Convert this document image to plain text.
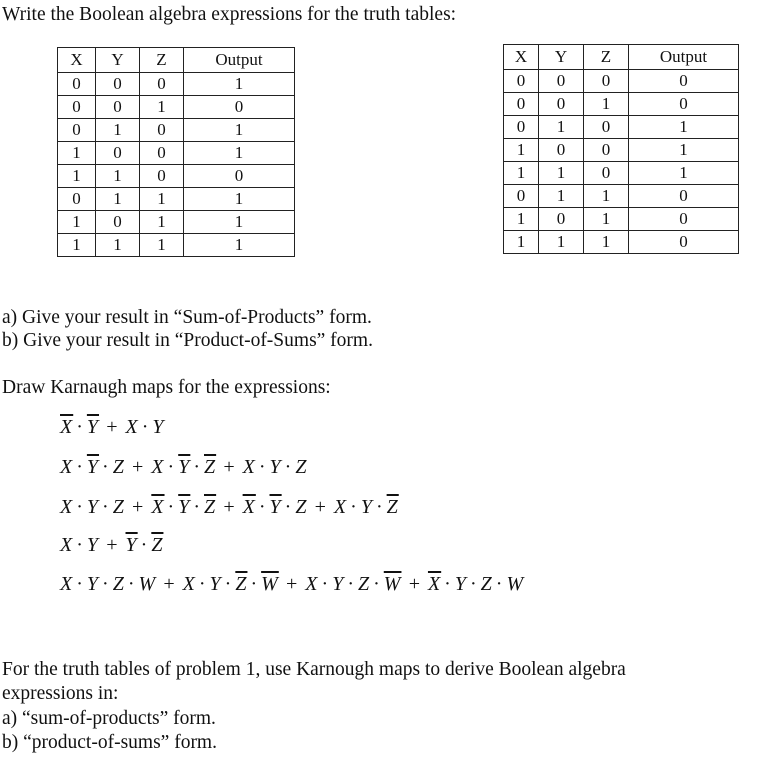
Write the Boolean algebra expressions for the truth tables:
X	Y	Z	Output
0	0	0	1
0	0	1	0
0	1	0	1
1	0	0	1
1	1	0	0
0	1	1	1
1	0	1	1
1	1	1	1
X	Y	Z	Output
0	0	0	0
0	0	1	0
0	1	0	1
1	0	0	1
1	1	0	1
0	1	1	0
1	0	1	0
1	1	1	0
a) Give your result in “Sum-of-Products” form.
b) Give your result in “Product-of-Sums” form.
Draw Karnaugh maps for the expressions:
$\overline{X} \cdot \overline{Y} + X \cdot Y$
$X \cdot \overline{Y} \cdot Z + X \cdot \overline{Y} \cdot \overline{Z} + X \cdot Y \cdot Z$
$X \cdot Y \cdot Z + \overline{X} \cdot \overline{Y} \cdot \overline{Z} + \overline{X} \cdot \overline{Y} \cdot Z + X \cdot Y \cdot \overline{Z}$
$X \cdot Y + \overline{Y} \cdot \overline{Z}$
$X \cdot Y \cdot Z \cdot W + X \cdot Y \cdot \overline{Z} \cdot \overline{W} + X \cdot Y \cdot Z \cdot \overline{W} + \overline{X} \cdot Y \cdot Z \cdot W$
For the truth tables of problem 1, use Karnough maps to derive Boolean algebra
expressions in:
a) “sum-of-products” form.
b) “product-of-sums” form.
